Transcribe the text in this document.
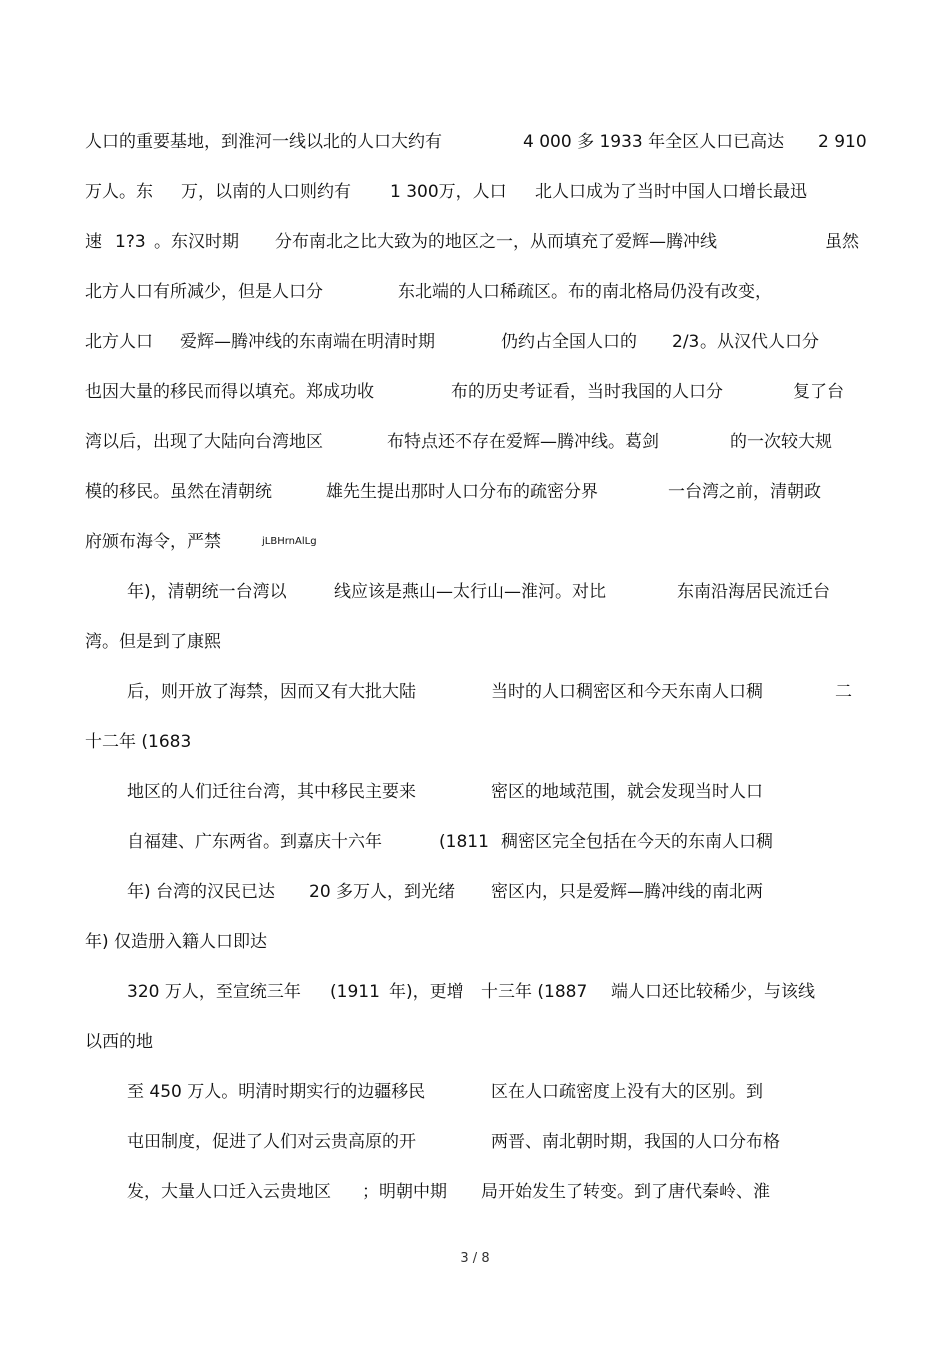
人口的重要基地，到淮河一线以北的人口大约有

	4 000 多 1933 年全区人口已高达

2 910

万人。东

万，以南的人口则约有

1 300万，人口

北人口成为了当时中国人口增长最迅

速

1?3

。东汉时期

分布南北之比大致为的地区之一，从而填充了爱辉—腾冲线

	虽然

北方人口有所减少，但是人口分

	东北端的人口稀疏区。布的南北格局仍没有改变，

北方人口

爱辉—腾冲线的东南端在明清时期

	仍约占全国人口的

2/3

。从汉代人口分

也因大量的移民而得以填充。郑成功收

	布的历史考证看，当时我国的人口分

	复了台

湾以后，出现了大陆向台湾地区

	布特点还不存在爱辉—腾冲线。葛剑

	的一次较大规

模的移民。虽然在清朝统

	雄先生提出那时人口分布的疏密分界

	一台湾之前，清朝政

府颁布海令，严禁

	jLBHrnAlLg

年)，清朝统一台湾以

	线应该是燕山—太行山—淮河。对比

	东南沿海居民流迁台

湾。但是到了康熙

后，则开放了海禁，因而又有大批大陆

	当时的人口稠密区和今天东南人口稠

	二

十二年 (1683

地区的人们迁往台湾，其中移民主要来

	密区的地域范围，就会发现当时人口

自福建、广东两省。到嘉庆十六年

	(1811

稠密区完全包括在今天的东南人口稠

年) 台湾的汉民已达

20 多万人，到光绪

密区内，只是爱辉—腾冲线的南北两

年) 仅造册入籍人口即达

320 万人，至宣统三年

(1911

年)，更增

十三年 (1887

端人口还比较稀少，与该线

以西的地

至 450 万人。明清时期实行的边疆移民

	区在人口疏密度上没有大的区别。到

屯田制度，促进了人们对云贵高原的开

	两晋、南北朝时期，我国的人口分布格

发，大量人口迁入云贵地区

；明朝中期

局开始发生了转变。到了唐代秦岭、淮

3 / 8
